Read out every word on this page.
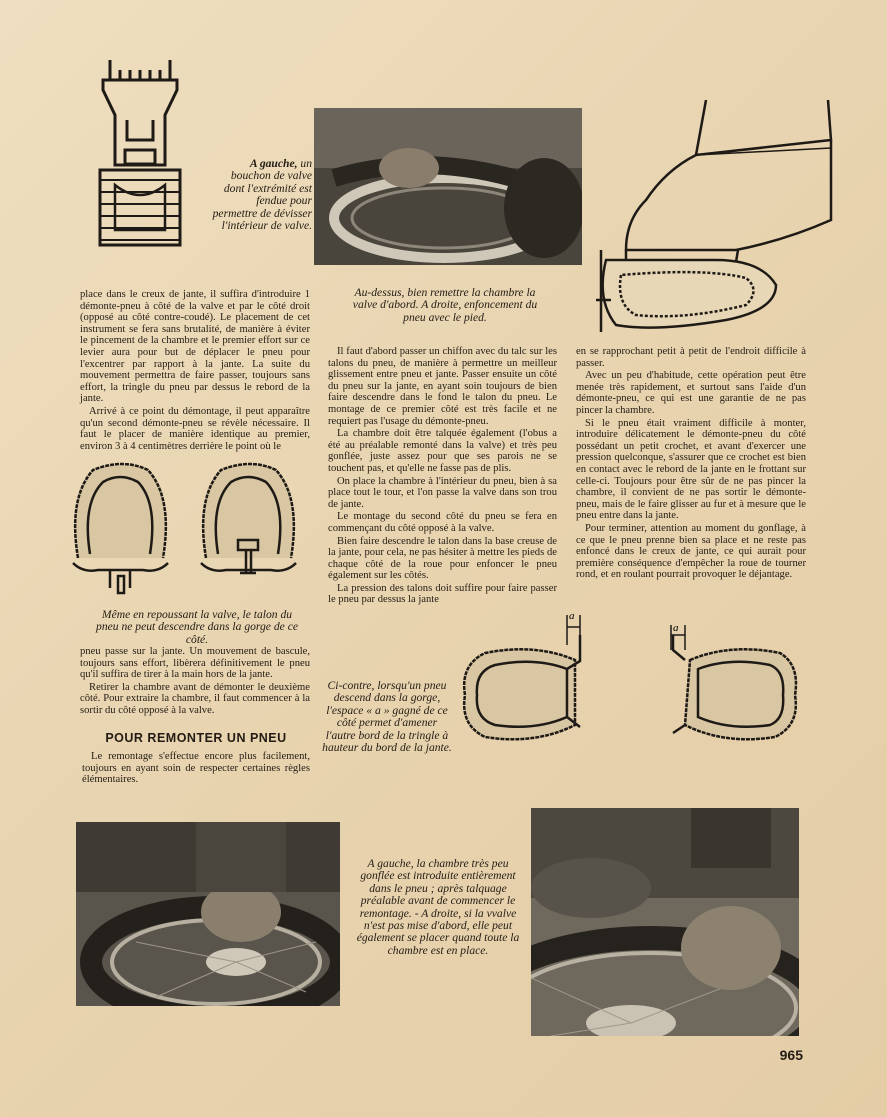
A gauche, un bouchon de valve dont l'extrémité est fendue pour permettre de dévisser l'intérieur de valve.
Au-dessus, bien remettre la chambre la valve d'abord. A droite, enfoncement du pneu avec le pied.

place dans le creux de jante, il suffira d'introduire 1 démonte-pneu à côté de la valve et par le côté droit (opposé au côté contre-coudé). Le placement de cet instrument se fera sans brutalité, de manière à éviter le pincement de la chambre et le premier effort sur ce levier aura pour but de déplacer le pneu pour l'excentrer par rapport à la jante. La suite du mouvement permettra de faire passer, toujours sans effort, la tringle du pneu par dessus le rebord de la jante.

Arrivé à ce point du démontage, il peut apparaître qu'un second démonte-pneu se révèle nécessaire. Il faut le placer de manière identique au premier, environ 3 à 4 centimètres derrière le point où le

Même en repoussant la valve, le talon du pneu ne peut descendre dans la gorge de ce côté.

pneu passe sur la jante. Un mouvement de bascule, toujours sans effort, libèrera définitivement le pneu qu'il suffira de tirer à la main hors de la jante.

Retirer la chambre avant de démonter le deuxième côté. Pour extraire la chambre, il faut commencer à la sortir du côté opposé à la valve.

POUR REMONTER UN PNEU

Le remontage s'effectue encore plus facilement, toujours en ayant soin de respecter certaines règles élémentaires.

Il faut d'abord passer un chiffon avec du talc sur les talons du pneu, de manière à permettre un meilleur glissement entre pneu et jante. Passer ensuite un côté du pneu sur la jante, en ayant soin toujours de bien faire descendre dans le fond le talon du pneu. Le montage de ce premier côté est très facile et ne requiert pas l'usage du démonte-pneu.

La chambre doit être talquée également (l'obus a été au préalable remonté dans la valve) et très peu gonflée, juste assez pour que ses parois ne se touchent pas, et qu'elle ne fasse pas de plis.

On place la chambre à l'intérieur du pneu, bien à sa place tout le tour, et l'on passe la valve dans son trou de jante.

Le montage du second côté du pneu se fera en commençant du côté opposé à la valve.

Bien faire descendre le talon dans la base creuse de la jante, pour cela, ne pas hésiter à mettre les pieds de chaque côté de la roue pour enfoncer le pneu également sur les côtés.

La pression des talons doit suffire pour faire passer le pneu par dessus la jante

en se rapprochant petit à petit de l'endroit difficile à passer.

Avec un peu d'habitude, cette opération peut être menée très rapidement, et surtout sans l'aide d'un démonte-pneu, ce qui est une garantie de ne pas pincer la chambre.

Si le pneu était vraiment difficile à monter, introduire délicatement le démonte-pneu du côté possédant un petit crochet, et avant d'exercer une pression quelconque, s'assurer que ce crochet est bien en contact avec le rebord de la jante en le frottant sur celle-ci. Toujours pour être sûr de ne pas pincer la chambre, il convient de ne pas sortir le démonte-pneu, mais de le faire glisser au fur et à mesure que le pneu entre dans la jante.

Pour terminer, attention au moment du gonflage, à ce que le pneu prenne bien sa place et ne reste pas enfoncé dans le creux de jante, ce qui aurait pour première conséquence d'empêcher la roue de tourner rond, et en roulant pourrait provoquer le déjantage.

Ci-contre, lorsqu'un pneu descend dans la gorge, l'espace « a » gagné de ce côté permet d'amener l'autre bord de la tringle à hauteur du bord de la jante.
a
a
A gauche, la chambre très peu gonflée est introduite entièrement dans le pneu ; après talquage préalable avant de commencer le remontage. - A droite, si la vvalve n'est pas mise d'abord, elle peut également se placer quand toute la chambre est en place.
965
